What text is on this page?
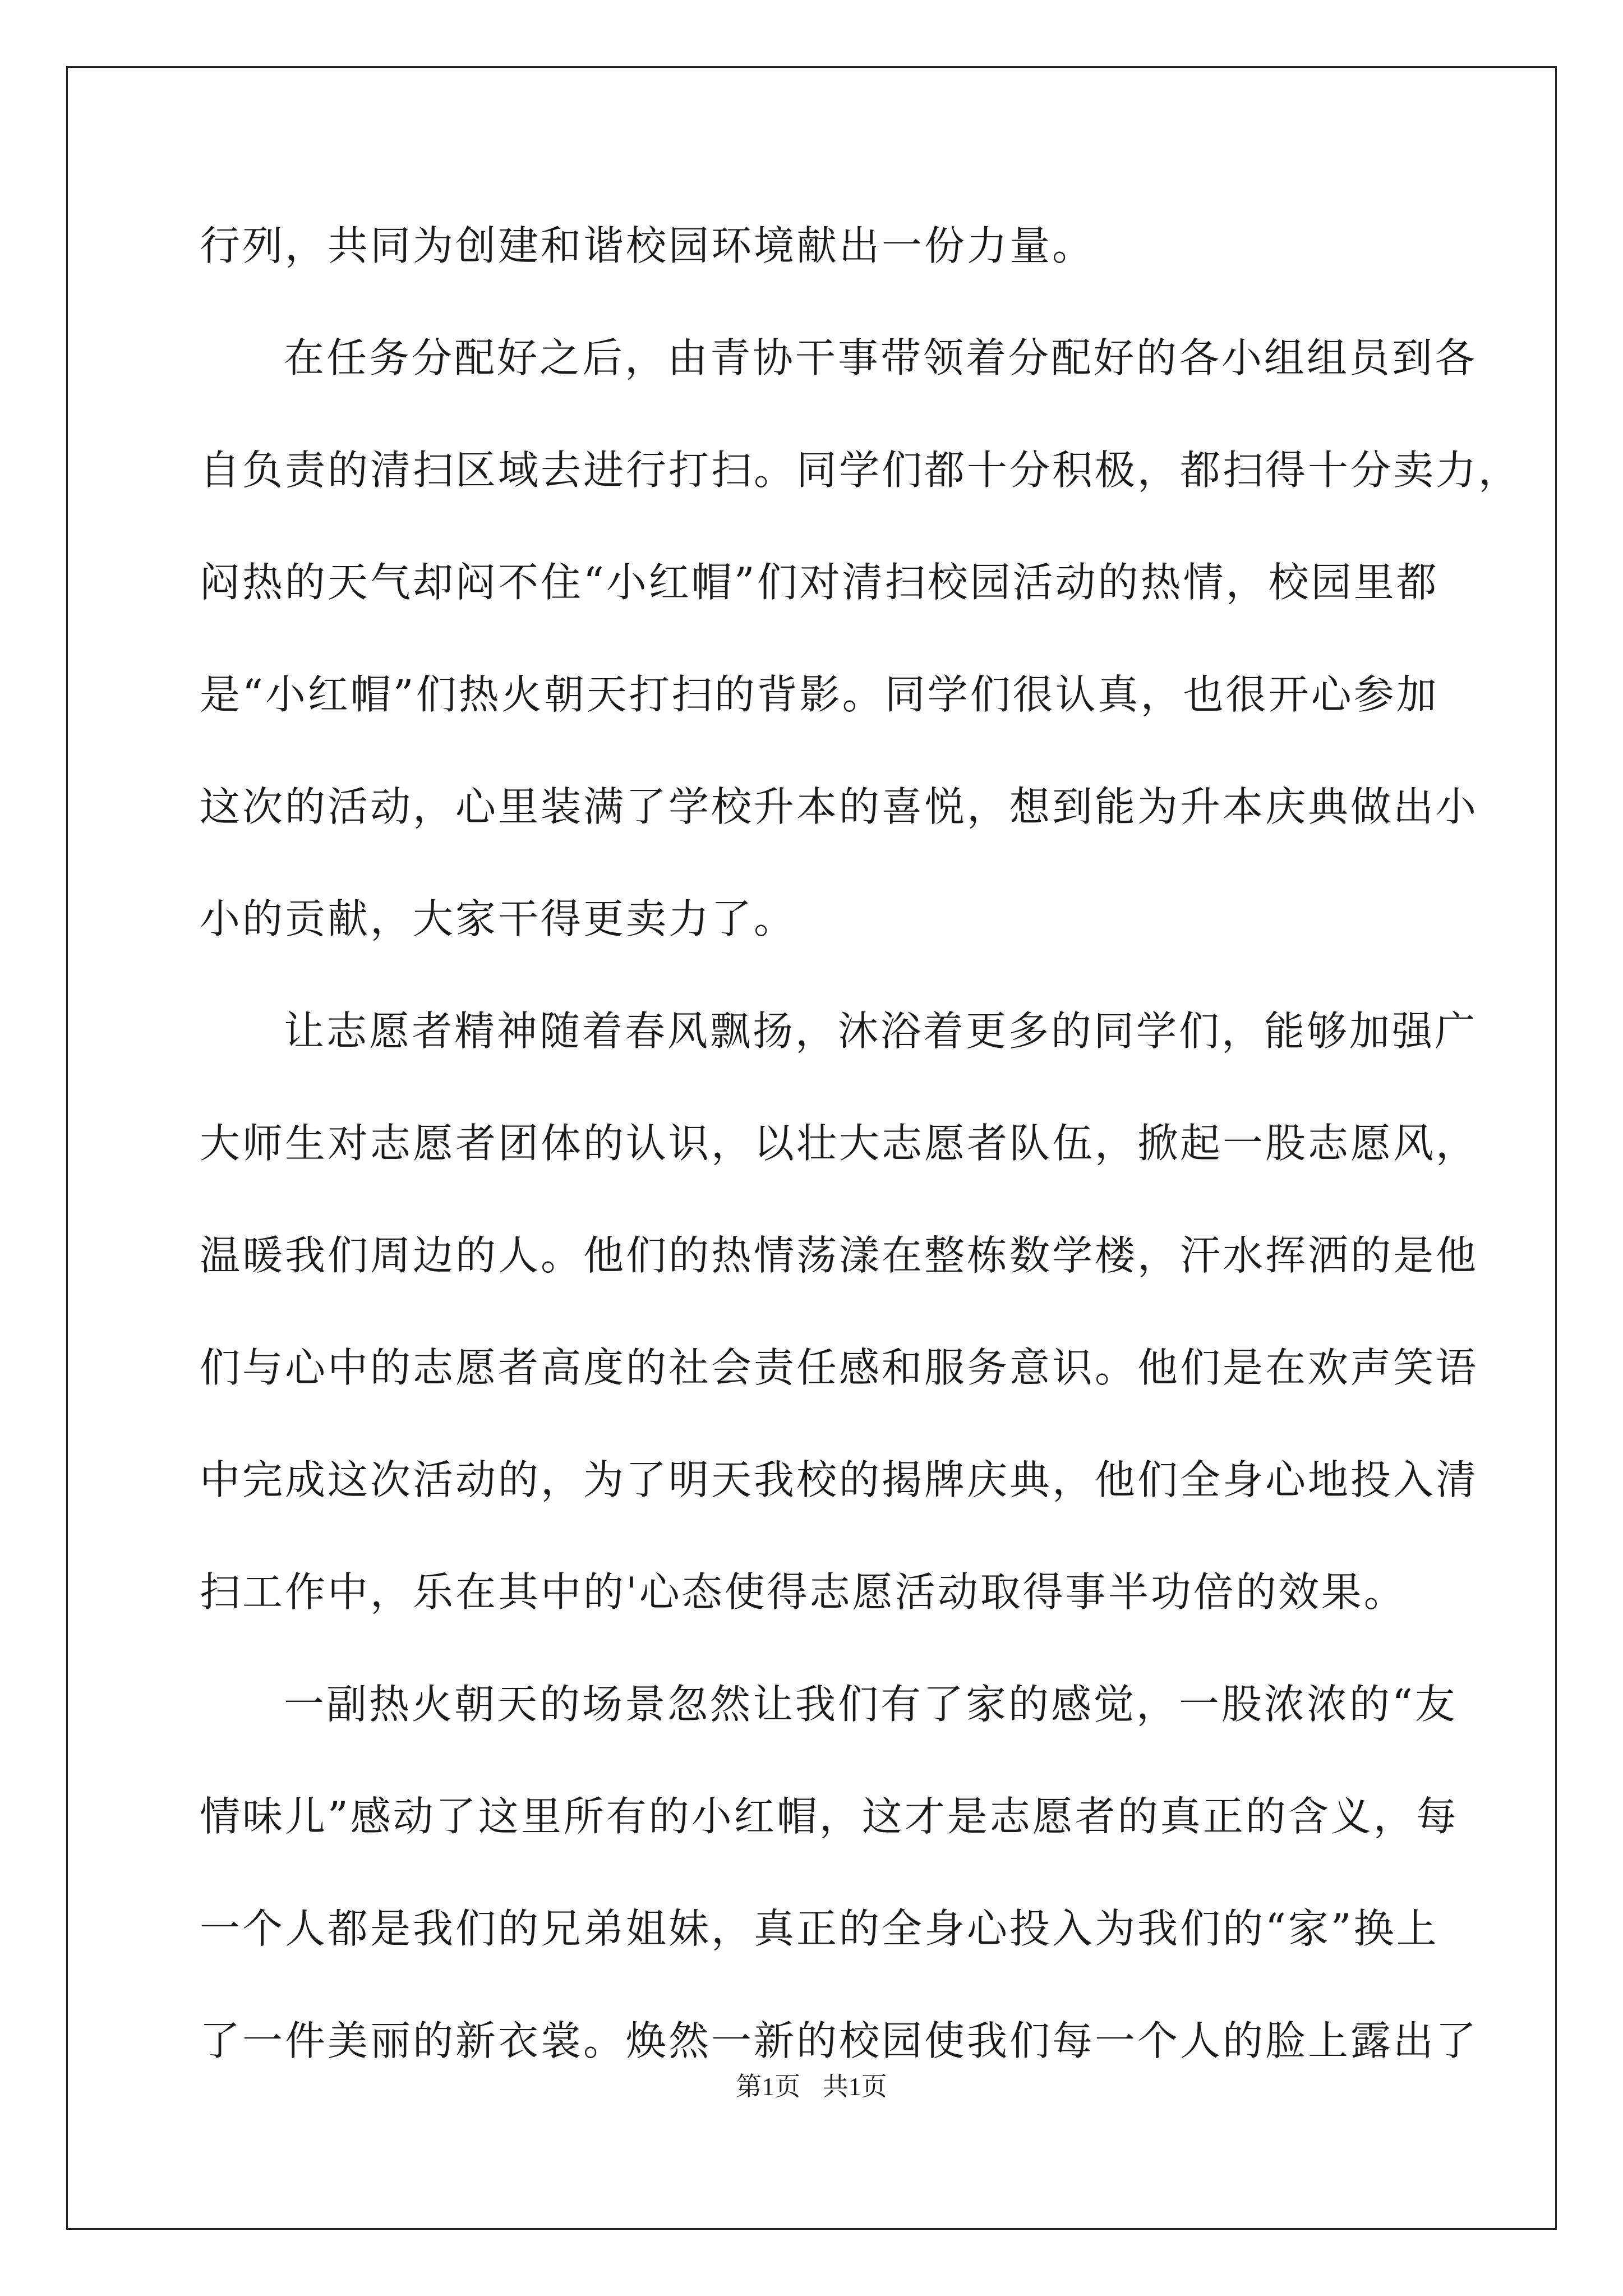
行列，共同为创建和谐校园环境献出一份力量。
在任务分配好之后，由青协干事带领着分配好的各小组组员到各
自负责的清扫区域去进行打扫。同学们都十分积极，都扫得十分卖力，
闷热的天气却闷不住“小红帽”们对清扫校园活动的热情，校园里都
是“小红帽”们热火朝天打扫的背影。同学们很认真，也很开心参加
这次的活动，心里装满了学校升本的喜悦，想到能为升本庆典做出小
小的贡献，大家干得更卖力了。
让志愿者精神随着春风飘扬，沐浴着更多的同学们，能够加强广
大师生对志愿者团体的认识，以壮大志愿者队伍，掀起一股志愿风，
温暖我们周边的人。他们的热情荡漾在整栋数学楼，汗水挥洒的是他
们与心中的志愿者高度的社会责任感和服务意识。他们是在欢声笑语
中完成这次活动的，为了明天我校的揭牌庆典，他们全身心地投入清
扫工作中，乐在其中的'心态使得志愿活动取得事半功倍的效果。
一副热火朝天的场景忽然让我们有了家的感觉，一股浓浓的“友
情味儿”感动了这里所有的小红帽，这才是志愿者的真正的含义，每
一个人都是我们的兄弟姐妹，真正的全身心投入为我们的“家”换上
了一件美丽的新衣裳。焕然一新的校园使我们每一个人的脸上露出了
第1页 共1页
